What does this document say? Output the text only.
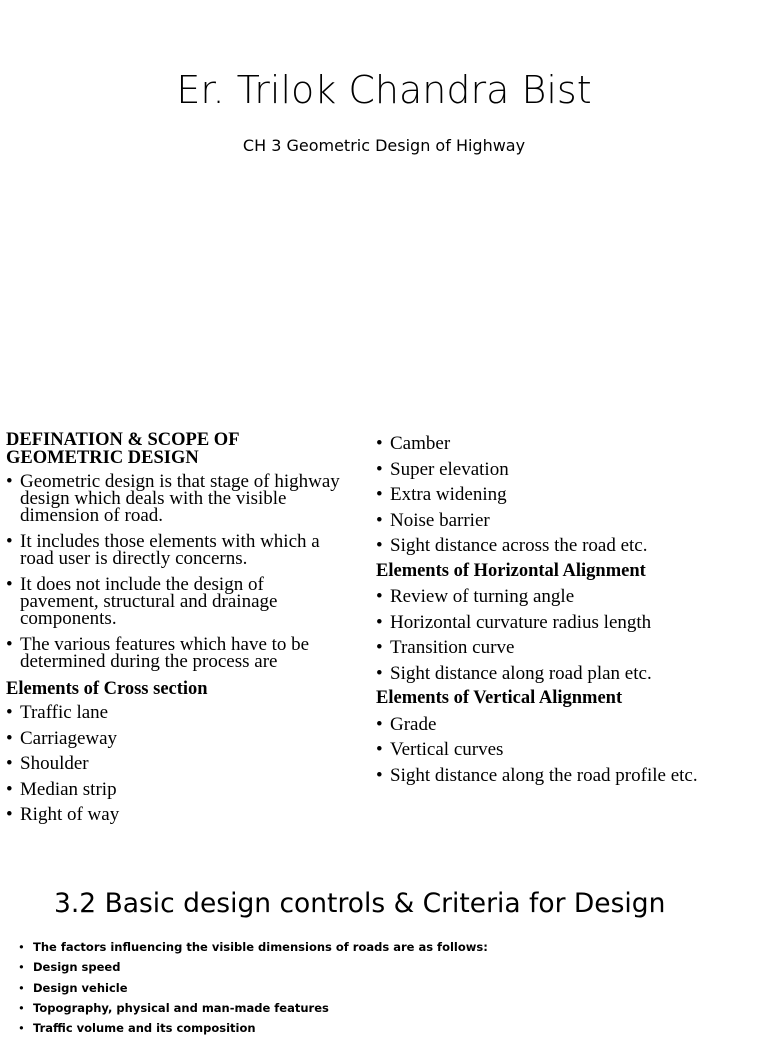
Er. Trilok Chandra Bist
CH 3 Geometric Design of Highway

DEFINATION & SCOPE OF

GEOMETRIC DESIGN

• Geometric design is that stage of highway
design which deals with the visible
dimension of road.
• It includes those elements with which a
road user is directly concerns.
• It does not include the design of
pavement, structural and drainage
components.
• The various features which have to be
determined during the process are

Elements of Cross section

• Traffic lane
• Carriageway
• Shoulder
• Median strip
• Right of way
• Camber
• Super elevation
• Extra widening
• Noise barrier
• Sight distance across the road etc.

Elements of Horizontal Alignment

• Review of turning angle
• Horizontal curvature radius length
• Transition curve
• Sight distance along road plan etc.

Elements of Vertical Alignment

• Grade
• Vertical curves
• Sight distance along the road profile etc.
3.2 Basic design controls & Criteria for Design
• The factors influencing the visible dimensions of roads are as follows:
• Design speed
• Design vehicle
• Topography, physical and man-made features
• Traffic volume and its composition
